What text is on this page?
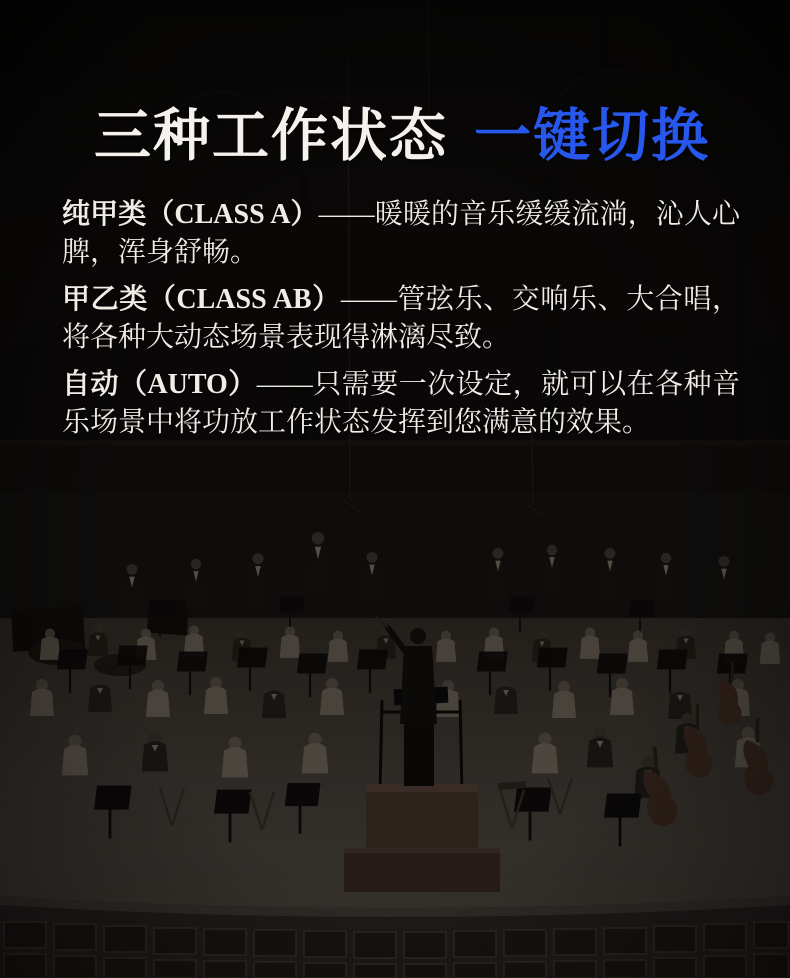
三种工作状态 一键切换

纯甲类（CLASS A）——暖暖的音乐缓缓流淌，沁人心脾，浑身舒畅。

甲乙类（CLASS AB）——管弦乐、交响乐、大合唱，将各种大动态场景表现得淋漓尽致。

自动（AUTO）——只需要一次设定，就可以在各种音乐场景中将功放工作状态发挥到您满意的效果。
